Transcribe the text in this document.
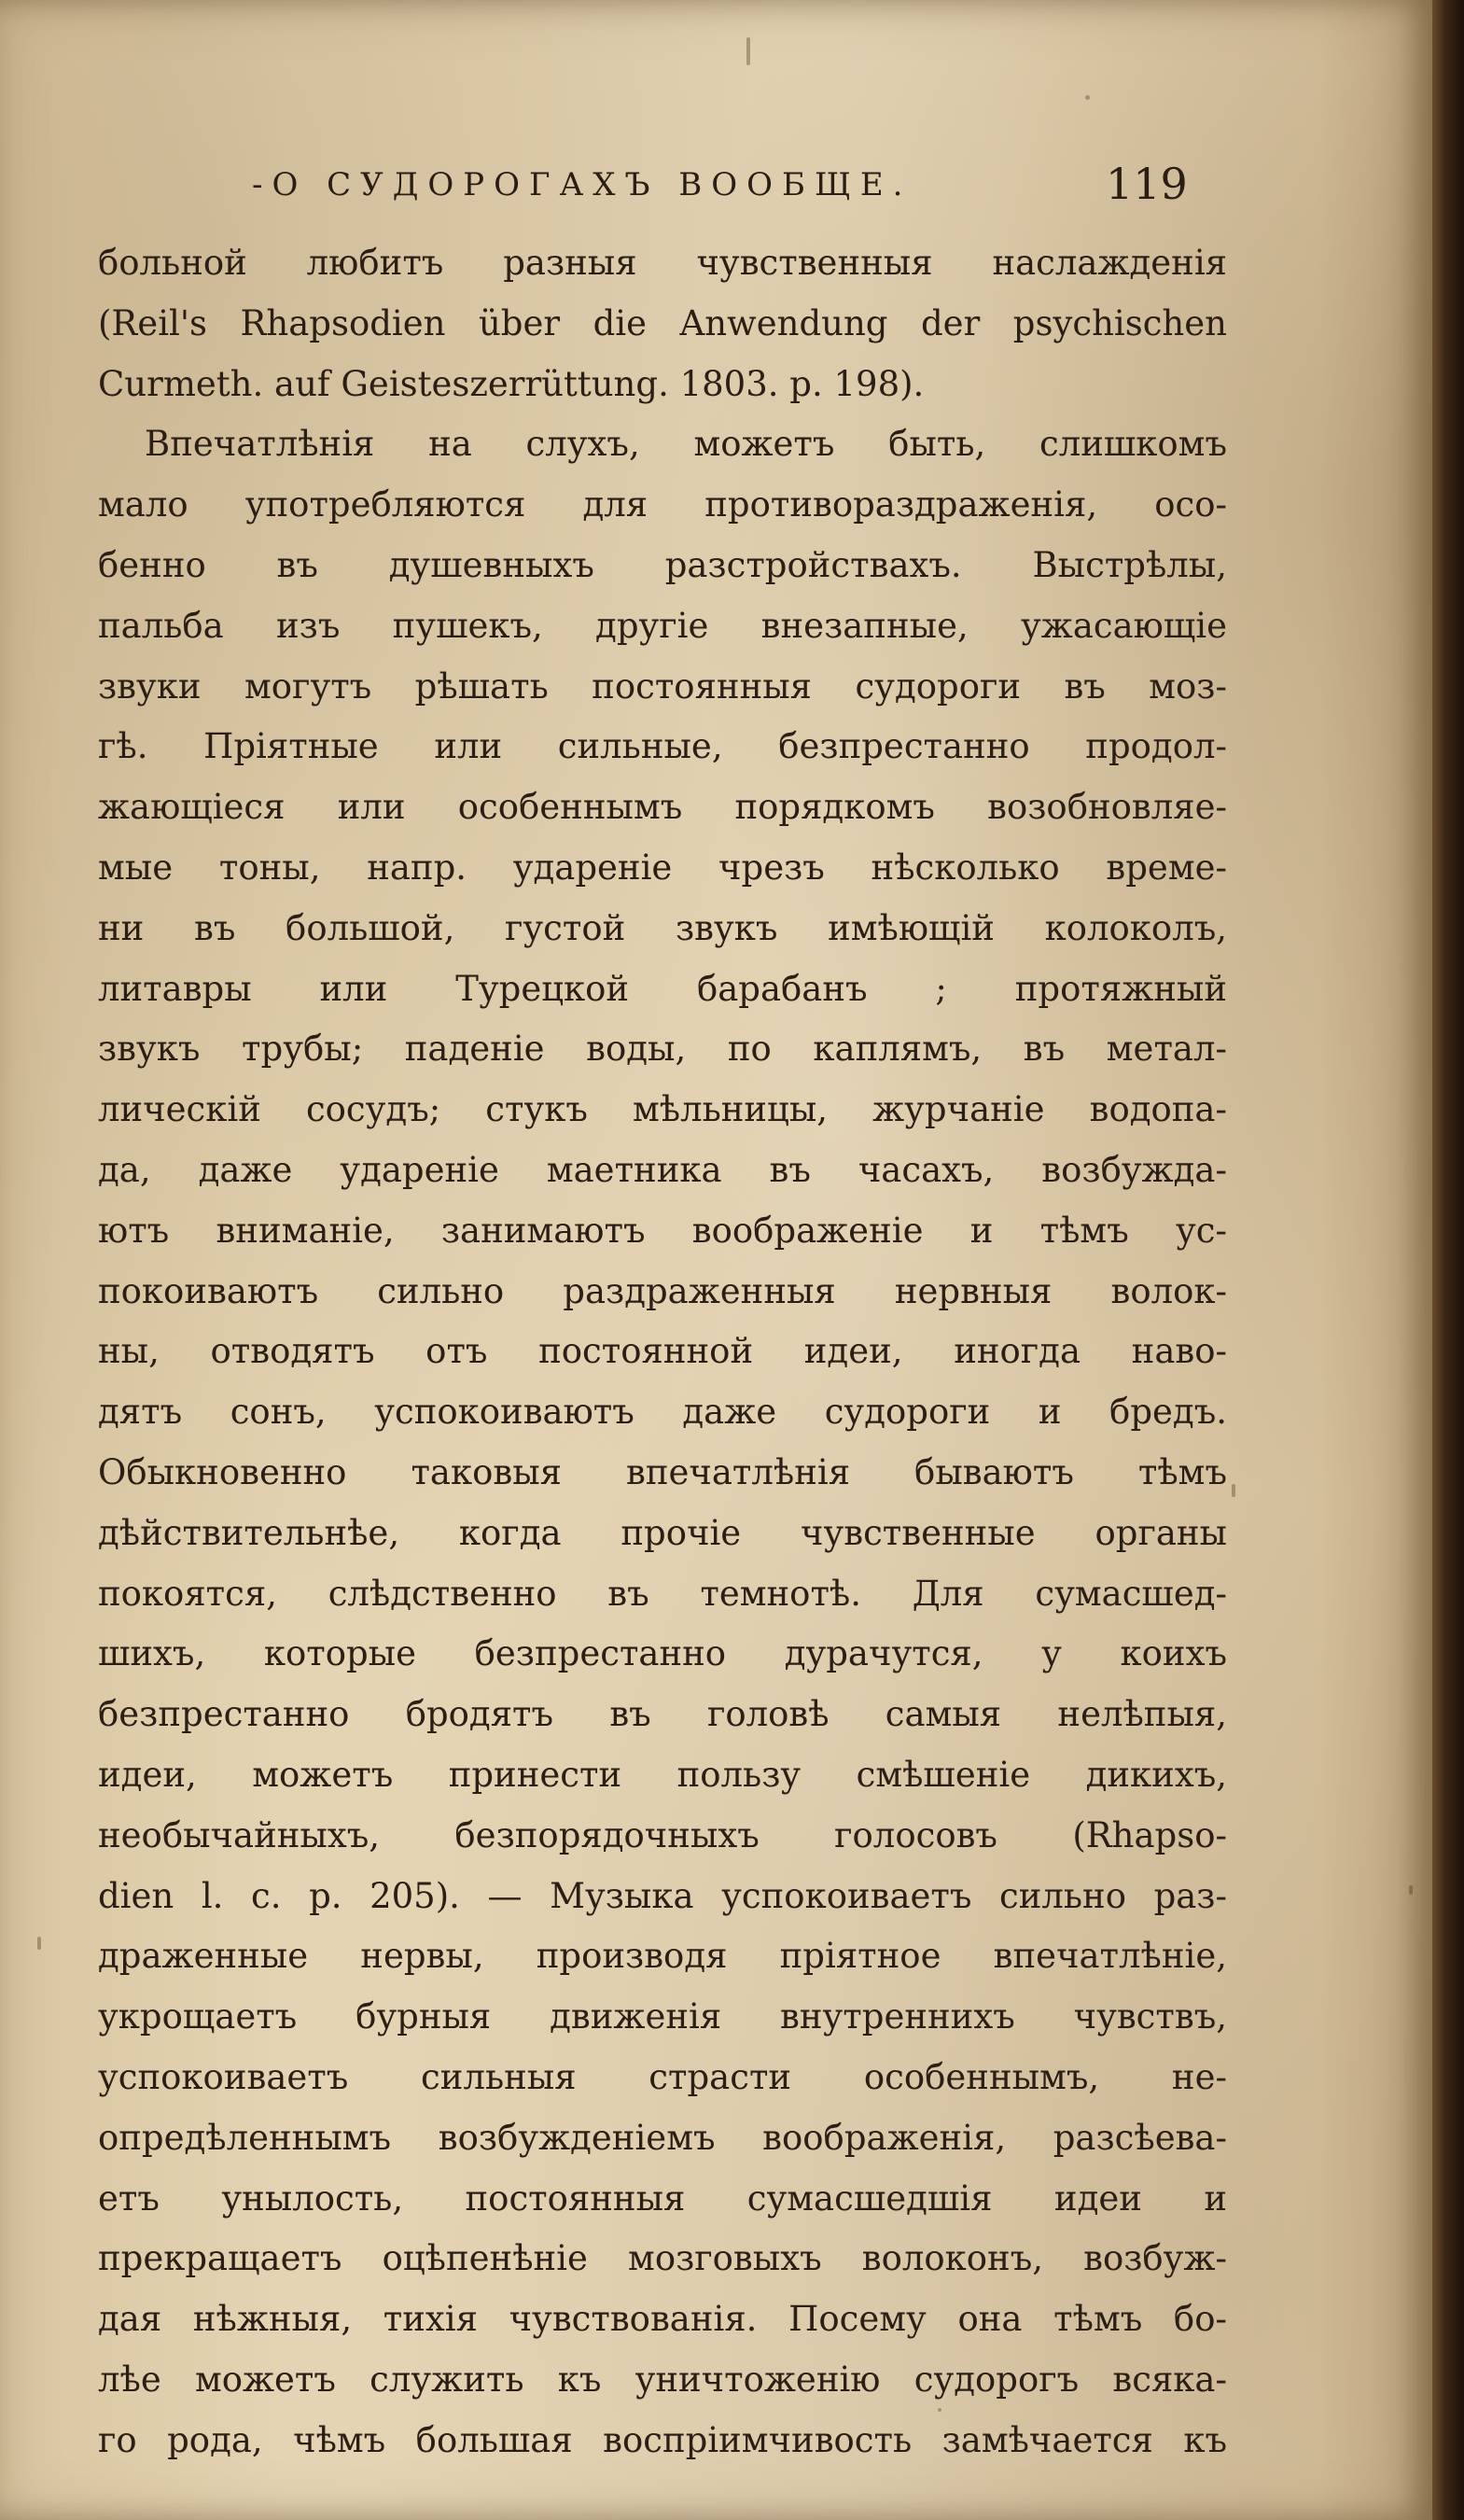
-О СУДОРОГАХЪ ВООБЩЕ.	119
больной любитъ разныя чувственныя наслажденія
(Reil's Rhapsodien über die Anwendung der psychischen
Curmeth. auf Geisteszerrüttung. 1803. p. 198).
Впечатлѣнія на слухъ, можетъ быть, слишкомъ
мало употребляются для противораздраженія, осо-
бенно въ душевныхъ разстройствахъ. Выстрѣлы,
пальба изъ пушекъ, другіе внезапные, ужасающіе
звуки могутъ рѣшать постоянныя судороги въ моз-
гѣ. Пріятные или сильные, безпрестанно продол-
жающіеся или особеннымъ порядкомъ возобновляе-
мые тоны, напр. удареніе чрезъ нѣсколько време-
ни въ большой, густой звукъ имѣющій колоколъ,
литавры или Турецкой барабанъ ; протяжный
звукъ трубы; паденіе воды, по каплямъ, въ метал-
лическій сосудъ; стукъ мѣльницы, журчаніе водопа-
да, даже удареніе маетника въ часахъ, возбужда-
ютъ вниманіе, занимаютъ воображеніе и тѣмъ ус-
покоиваютъ сильно раздраженныя нервныя волок-
ны, отводятъ отъ постоянной идеи, иногда наво-
дятъ сонъ, успокоиваютъ даже судороги и бредъ.
Обыкновенно таковыя впечатлѣнія бываютъ тѣмъ
дѣйствительнѣе, когда прочіе чувственные органы
покоятся, слѣдственно въ темнотѣ. Для сумасшед-
шихъ, которые безпрестанно дурачутся, у коихъ
безпрестанно бродятъ въ головѣ самыя нелѣпыя,
идеи, можетъ принести пользу смѣшеніе дикихъ,
необычайныхъ, безпорядочныхъ голосовъ (Rhapso-
dien l. c. p. 205). — Музыка успокоиваетъ сильно раз-
драженные нервы, производя пріятное впечатлѣніе,
укрощаетъ бурныя движенія внутреннихъ чувствъ,
успокоиваетъ сильныя страсти особеннымъ, не-
опредѣленнымъ возбужденіемъ воображенія, разсѣева-
етъ унылость, постоянныя сумасшедшія идеи и
прекращаетъ оцѣпенѣніе мозговыхъ волоконъ, возбуж-
дая нѣжныя, тихія чувствованія. Посему она тѣмъ бо-
лѣе можетъ служить къ уничтоженію судорогъ всяка-
го рода, чѣмъ большая воспріимчивость замѣчается къ
